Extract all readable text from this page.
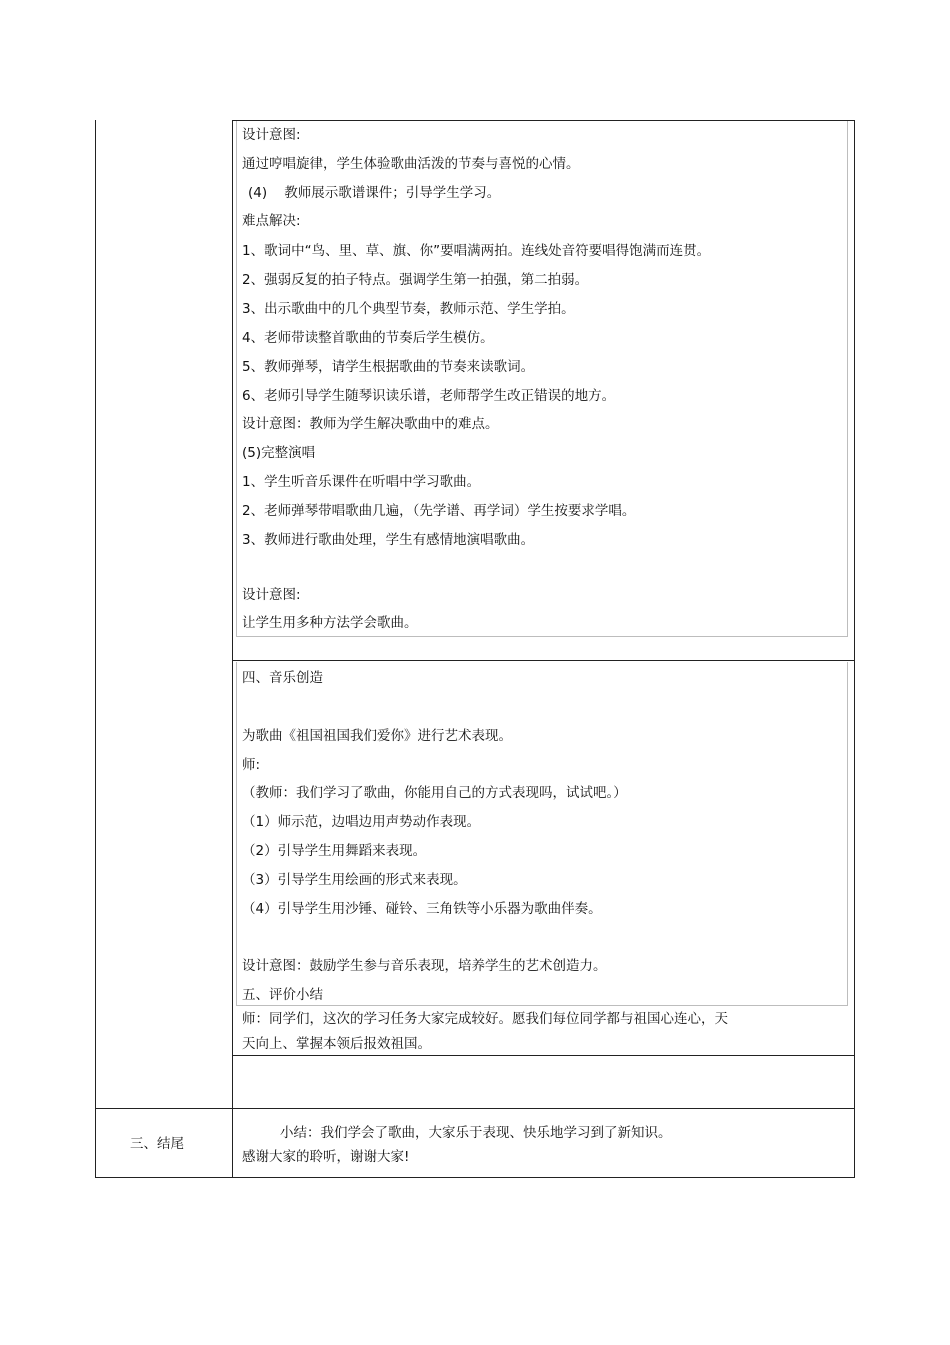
设计意图:
通过哼唱旋律，学生体验歌曲活泼的节奏与喜悦的心情。
(4)    教师展示歌谱课件；引导学生学习。
难点解决:
1、歌词中“鸟、里、草、旗、你”要唱满两拍。连线处音符要唱得饱满而连贯。
2、强弱反复的拍子特点。强调学生第一拍强，第二拍弱。
3、出示歌曲中的几个典型节奏，教师示范、学生学拍。
4、老师带读整首歌曲的节奏后学生模仿。
5、教师弹琴，请学生根据歌曲的节奏来读歌词。
6、老师引导学生随琴识读乐谱，老师帮学生改正错误的地方。
设计意图：教师为学生解决歌曲中的难点。
(5)完整演唱
1、学生听音乐课件在听唱中学习歌曲。
2、老师弹琴带唱歌曲几遍，（先学谱、再学词）学生按要求学唱。
3、教师进行歌曲处理，学生有感情地演唱歌曲。
设计意图:
让学生用多种方法学会歌曲。
四、音乐创造
为歌曲《祖国祖国我们爱你》进行艺术表现。
师:
（教师：我们学习了歌曲，你能用自己的方式表现吗，试试吧。）
（1）师示范，边唱边用声势动作表现。
（2）引导学生用舞蹈来表现。
（3）引导学生用绘画的形式来表现。
（4）引导学生用沙锤、碰铃、三角铁等小乐器为歌曲伴奏。
设计意图：鼓励学生参与音乐表现，培养学生的艺术创造力。
五、评价小结
师：同学们，这次的学习任务大家完成较好。愿我们每位同学都与祖国心连心，天
天向上、掌握本领后报效祖国。
三、结尾
小结：我们学会了歌曲，大家乐于表现、快乐地学习到了新知识。
感谢大家的聆听，谢谢大家!
